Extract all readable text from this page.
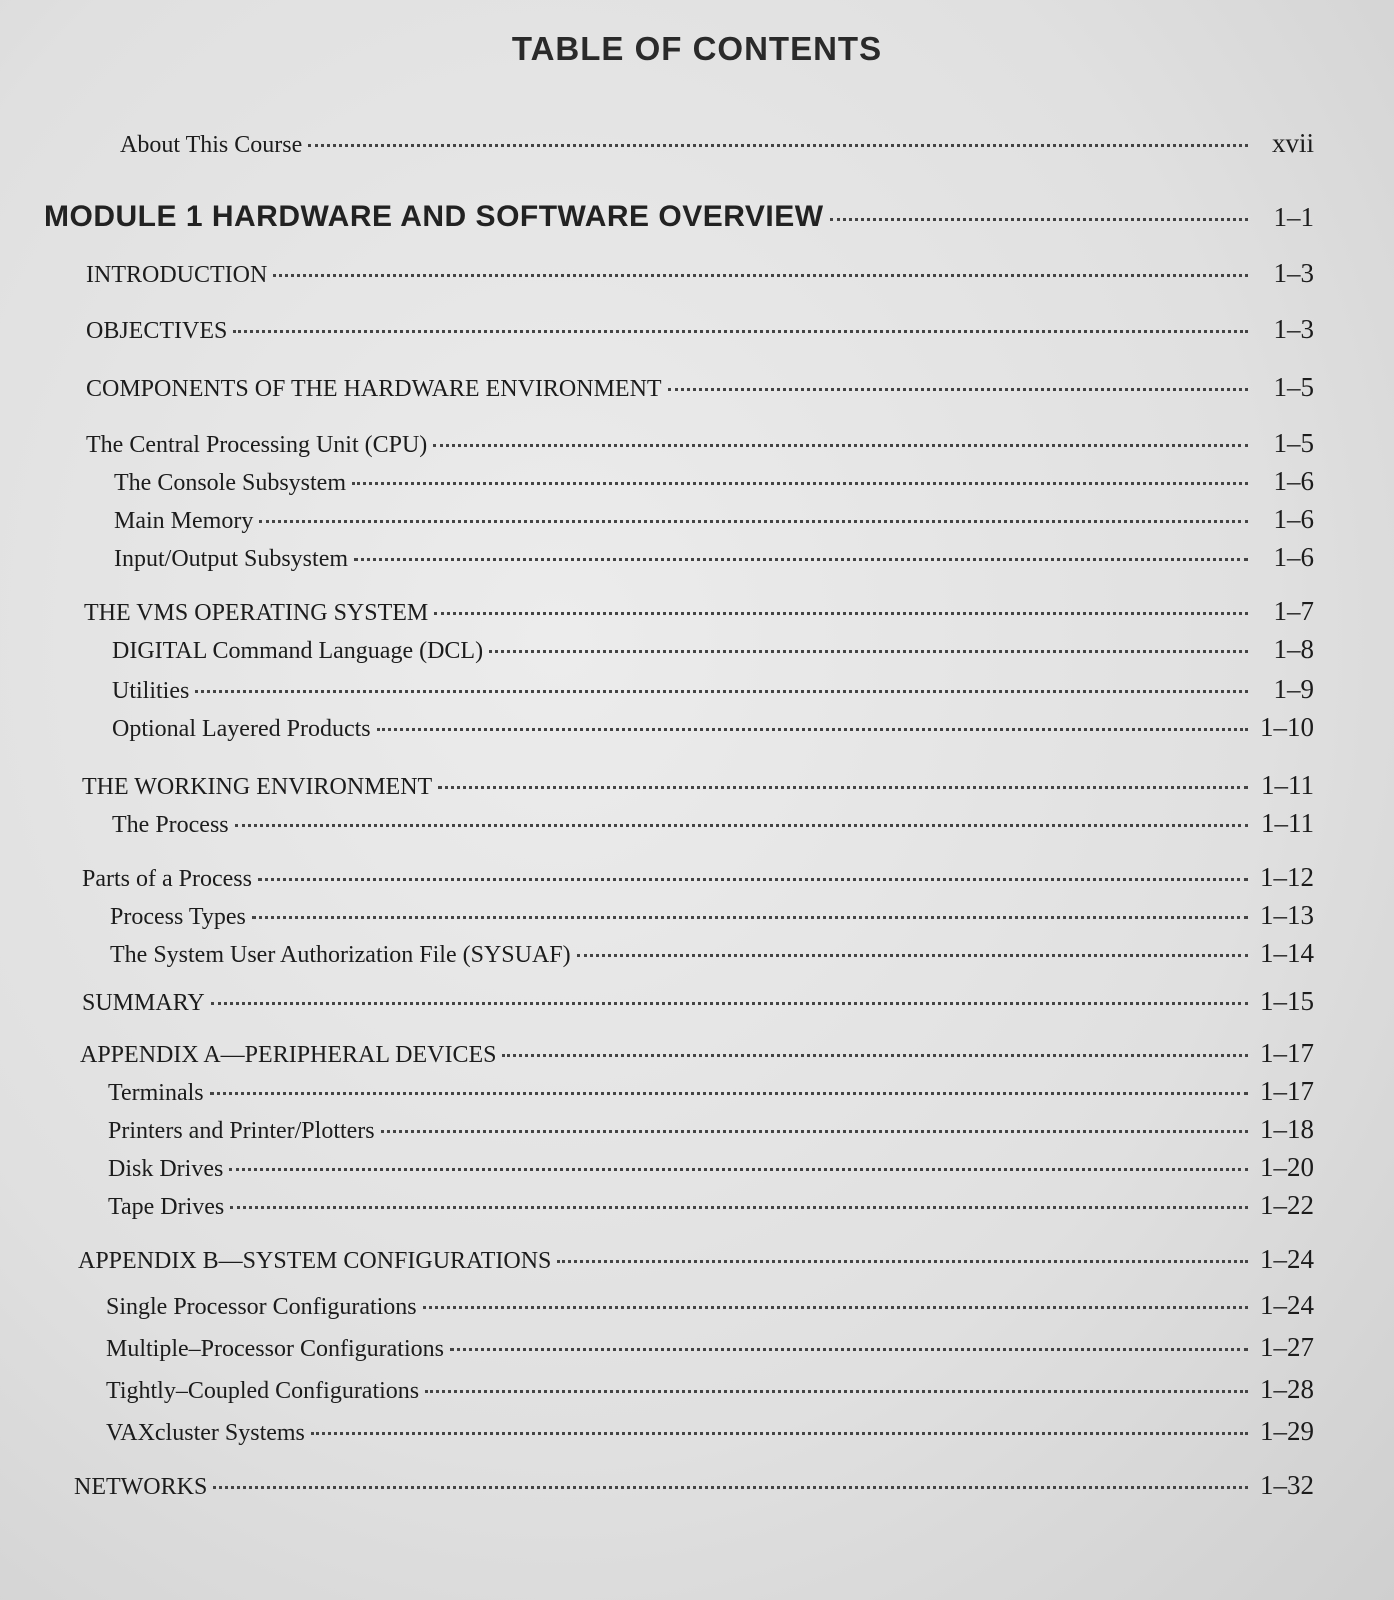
TABLE OF CONTENTS
About This Course	xvii
MODULE 1 HARDWARE AND SOFTWARE OVERVIEW	1–1
INTRODUCTION	1–3
OBJECTIVES	1–3
COMPONENTS OF THE HARDWARE ENVIRONMENT	1–5
The Central Processing Unit (CPU)	1–5
The Console Subsystem	1–6
Main Memory	1–6
Input/Output Subsystem	1–6
THE VMS OPERATING SYSTEM	1–7
DIGITAL Command Language (DCL)	1–8
Utilities	1–9
Optional Layered Products	1–10
THE WORKING ENVIRONMENT	1–11
The Process	1–11
Parts of a Process	1–12
Process Types	1–13
The System User Authorization File (SYSUAF)	1–14
SUMMARY	1–15
APPENDIX A—PERIPHERAL DEVICES	1–17
Terminals	1–17
Printers and Printer/Plotters	1–18
Disk Drives	1–20
Tape Drives	1–22
APPENDIX B—SYSTEM CONFIGURATIONS	1–24
Single Processor Configurations	1–24
Multiple–Processor Configurations	1–27
Tightly–Coupled Configurations	1–28
VAXcluster Systems	1–29
NETWORKS	1–32
